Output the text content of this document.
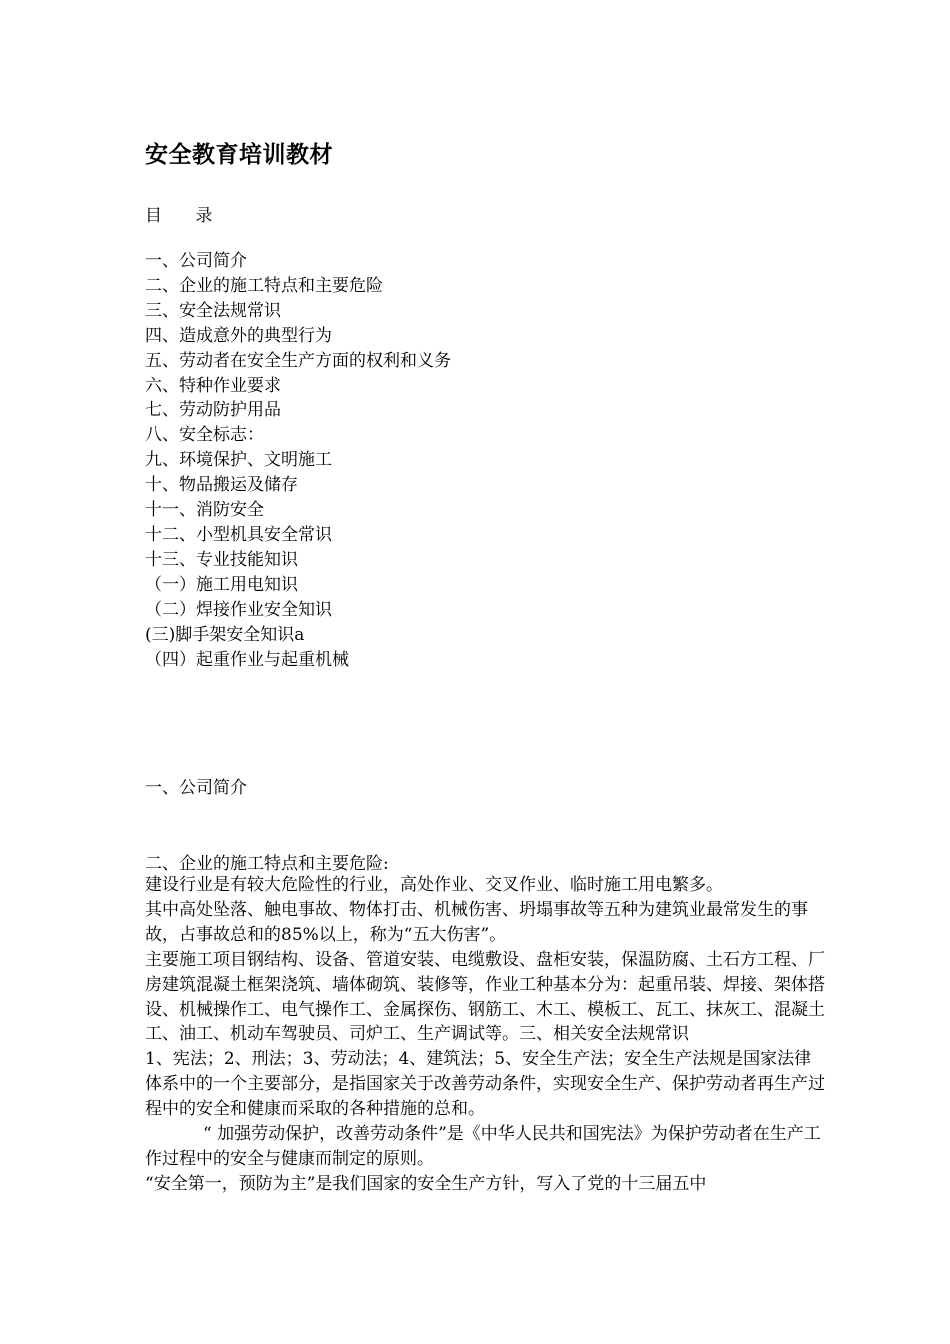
安全教育培训教材
目 录
一、公司简介
二、企业的施工特点和主要危险
三、安全法规常识
四、造成意外的典型行为
五、劳动者在安全生产方面的权利和义务
六、特种作业要求
七、劳动防护用品
八、安全标志：
九、环境保护、文明施工
十、物品搬运及储存
十一、消防安全
十二、小型机具安全常识
十三、专业技能知识
（一）施工用电知识
（二）焊接作业安全知识
(三)脚手架安全知识a
（四）起重作业与起重机械
一、公司简介
二、企业的施工特点和主要危险:

建设行业是有较大危险性的行业，高处作业、交叉作业、临时施工用电繁多。

其中高处坠落、触电事故、物体打击、机械伤害、坍塌事故等五种为建筑业最常发生的事故，占事故总和的85%以上，称为“五大伤害”。

主要施工项目钢结构、设备、管道安装、电缆敷设、盘柜安装，保温防腐、土石方工程、厂房建筑混凝土框架浇筑、墙体砌筑、装修等，作业工种基本分为：起重吊装、焊接、架体搭设、机械操作工、电气操作工、金属探伤、钢筋工、木工、模板工、瓦工、抹灰工、混凝土工、油工、机动车驾驶员、司炉工、生产调试等。三、相关安全法规常识

1、宪法；2、刑法；3、劳动法；4、建筑法；5、安全生产法；安全生产法规是国家法律体系中的一个主要部分，是指国家关于改善劳动条件，实现安全生产、保护劳动者再生产过程中的安全和健康而采取的各种措施的总和。

“ 加强劳动保护，改善劳动条件”是《中华人民共和国宪法》为保护劳动者在生产工作过程中的安全与健康而制定的原则。

“安全第一，预防为主”是我们国家的安全生产方针，写入了党的十三届五中
